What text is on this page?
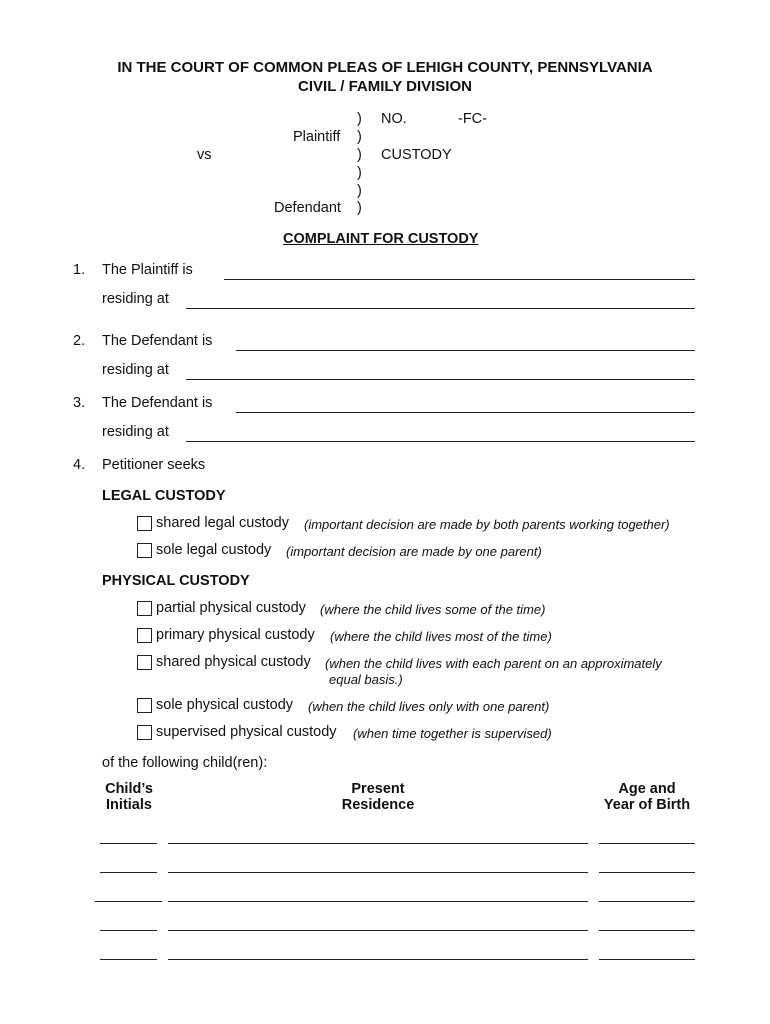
IN THE COURT OF COMMON PLEAS OF LEHIGH COUNTY, PENNSYLVANIA
CIVIL / FAMILY DIVISION
) NO.	-FC-
Plaintiff )
vs	) CUSTODY
)
)
Defendant )
COMPLAINT FOR CUSTODY
1. The Plaintiff is
residing at
2. The Defendant is
residing at
3. The Defendant is
residing at
4. Petitioner seeks
LEGAL CUSTODY
shared legal custody (important decision are made by both parents working together)
sole legal custody (important decision are made by one parent)
PHYSICAL CUSTODY
partial physical custody (where the child lives some of the time)
primary physical custody (where the child lives most of the time)
shared physical custody (when the child lives with each parent on an approximately
equal basis.)
sole physical custody (when the child lives only with one parent)
supervised physical custody (when time together is supervised)
of the following child(ren):
Child’s
Initials
Present
Residence
Age and
Year of Birth
